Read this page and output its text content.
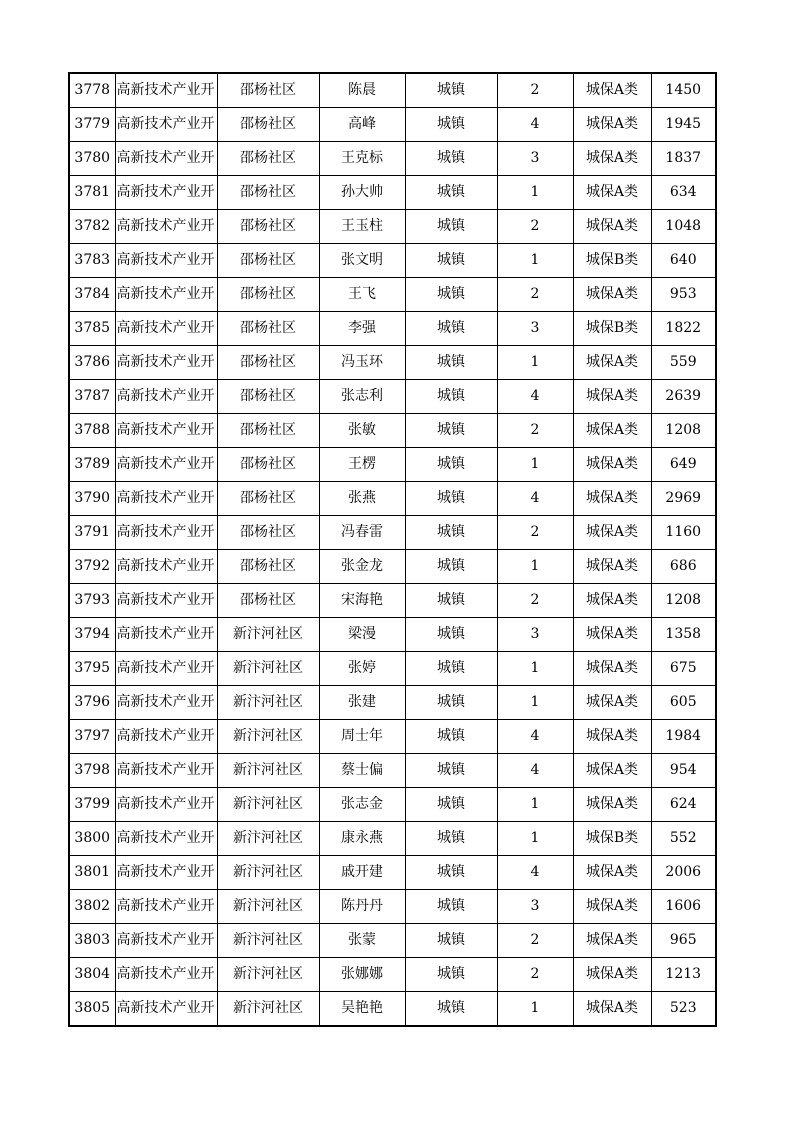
3778	高新技术产业开	邵杨社区	陈晨	城镇	2	城保A类	1450
3779	高新技术产业开	邵杨社区	高峰	城镇	4	城保A类	1945
3780	高新技术产业开	邵杨社区	王克标	城镇	3	城保A类	1837
3781	高新技术产业开	邵杨社区	孙大帅	城镇	1	城保A类	634
3782	高新技术产业开	邵杨社区	王玉柱	城镇	2	城保A类	1048
3783	高新技术产业开	邵杨社区	张文明	城镇	1	城保B类	640
3784	高新技术产业开	邵杨社区	王飞	城镇	2	城保A类	953
3785	高新技术产业开	邵杨社区	李强	城镇	3	城保B类	1822
3786	高新技术产业开	邵杨社区	冯玉环	城镇	1	城保A类	559
3787	高新技术产业开	邵杨社区	张志利	城镇	4	城保A类	2639
3788	高新技术产业开	邵杨社区	张敏	城镇	2	城保A类	1208
3789	高新技术产业开	邵杨社区	王楞	城镇	1	城保A类	649
3790	高新技术产业开	邵杨社区	张燕	城镇	4	城保A类	2969
3791	高新技术产业开	邵杨社区	冯春雷	城镇	2	城保A类	1160
3792	高新技术产业开	邵杨社区	张金龙	城镇	1	城保A类	686
3793	高新技术产业开	邵杨社区	宋海艳	城镇	2	城保A类	1208
3794	高新技术产业开	新汴河社区	梁漫	城镇	3	城保A类	1358
3795	高新技术产业开	新汴河社区	张婷	城镇	1	城保A类	675
3796	高新技术产业开	新汴河社区	张建	城镇	1	城保A类	605
3797	高新技术产业开	新汴河社区	周士年	城镇	4	城保A类	1984
3798	高新技术产业开	新汴河社区	蔡士偏	城镇	4	城保A类	954
3799	高新技术产业开	新汴河社区	张志金	城镇	1	城保A类	624
3800	高新技术产业开	新汴河社区	康永燕	城镇	1	城保B类	552
3801	高新技术产业开	新汴河社区	戚开建	城镇	4	城保A类	2006
3802	高新技术产业开	新汴河社区	陈丹丹	城镇	3	城保A类	1606
3803	高新技术产业开	新汴河社区	张蒙	城镇	2	城保A类	965
3804	高新技术产业开	新汴河社区	张娜娜	城镇	2	城保A类	1213
3805	高新技术产业开	新汴河社区	吴艳艳	城镇	1	城保A类	523
